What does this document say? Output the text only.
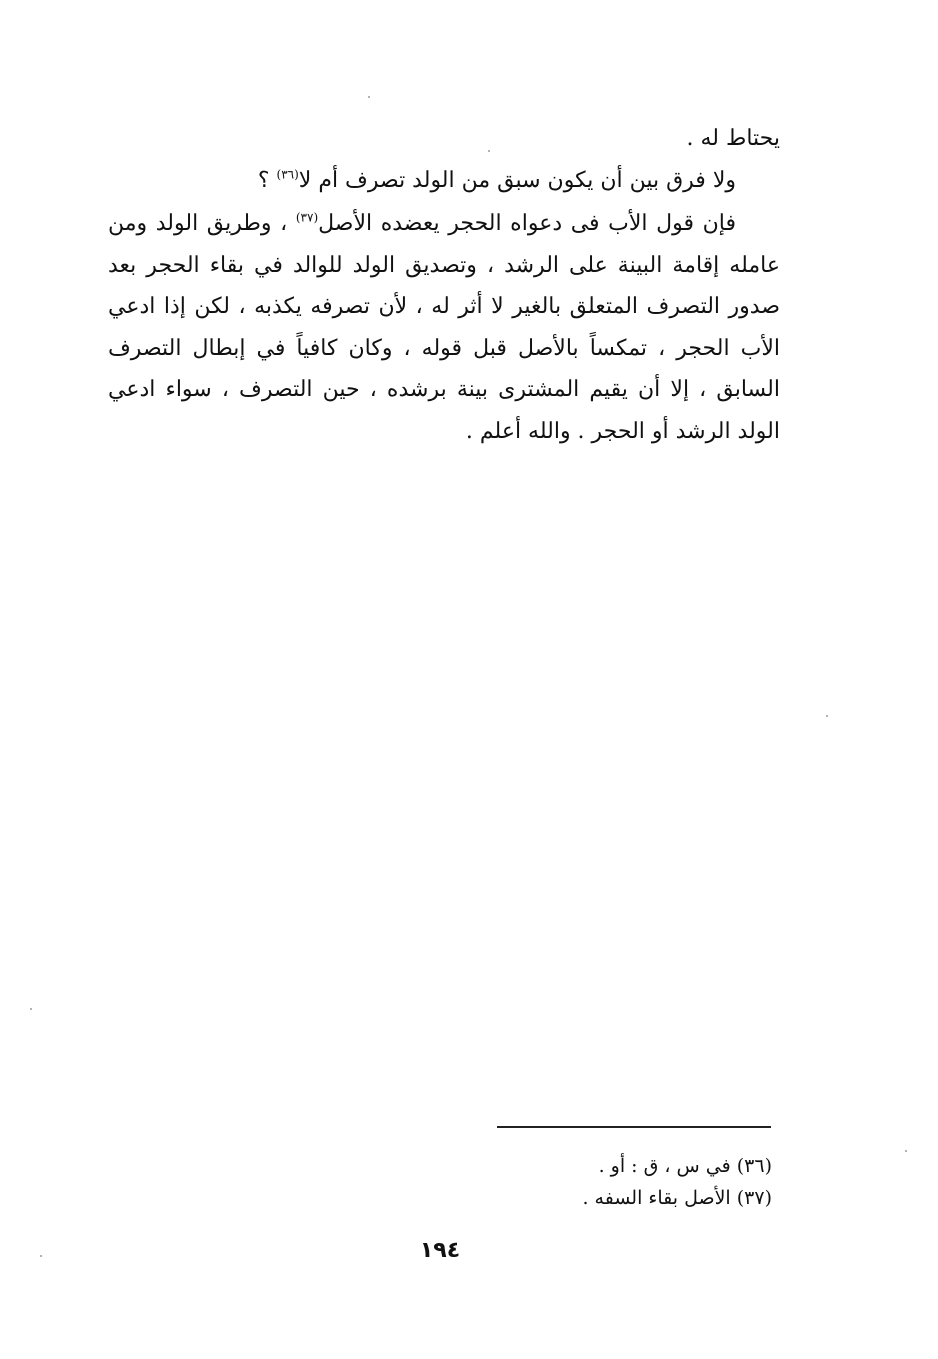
يحتاط له .

ولا فرق بين أن يكون سبق من الولد تصرف أم لا$^{(٣٦)}$ ؟

فإن قول الأب فى دعواه الحجر يعضده الأصل$^{(٣٧)}$ ، وطريق الولد ومن عامله إقامة البينة على الرشد ، وتصديق الولد للوالد في بقاء الحجر بعد صدور التصرف المتعلق بالغير لا أثر له ، لأن تصرفه يكذبه ، لكن إذا ادعي الأب الحجر ، تمكساً بالأصل قبل قوله ، وكان كافياً في إبطال التصرف السابق ، إلا أن يقيم المشترى بينة برشده ، حين التصرف ، سواء ادعي الولد الرشد أو الحجر . والله أعلم .

(٣٦) في س ، ق : أو .

(٣٧) الأصل بقاء السفه .

١٩٤
